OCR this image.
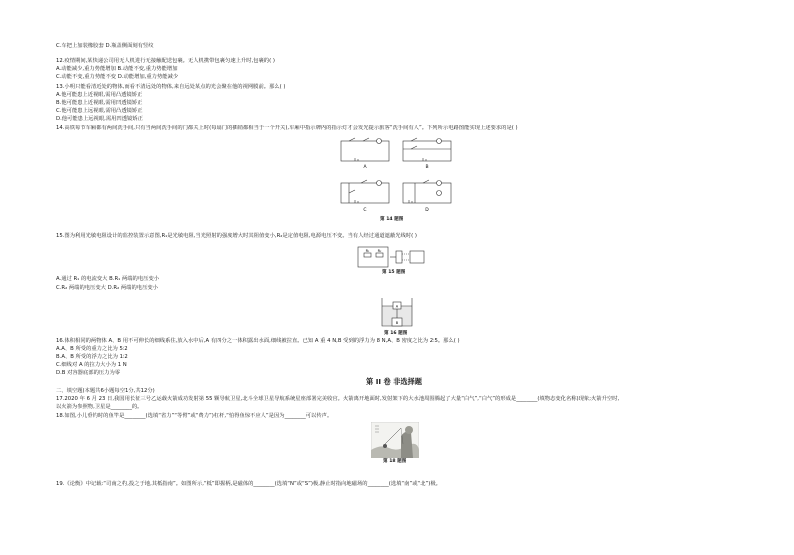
C.车把上加装橡胶套 D.瓶盖侧面刻有竖纹
12.疫情期间,某快递公司用无人机进行无接触配送包裹。无人机携带包裹匀速上升时,包裹的( )
A.动能减少,重力势能增加 B.动能不变,重力势能增加
C.动能不变,重力势能不变 D.动能增加,重力势能减少
13.小明只能看清近处的物体,而看不清远处的物体,来自远处某点的光会聚在他的视网膜前。那么( )
A.他可能患上近视眼,需用凸透镜矫正
B.他可能患上近视眼,需用凹透镜矫正
C.他可能患上远视眼,需用凸透镜矫正
D.他可能患上远视眼,需用凹透镜矫正
14.高铁每节车厢都有两间洗手间,只有当两间洗手间的门都关上时(每扇门的插销都相当于一个开关),车厢中指示牌内的指示灯才会发光提示旅客“洗手间有人”。下列所示电路图能实现上述要求的是( )
A	B
C	D
第 14 题图
15.图为利用光敏电阻设计的监控装置示意图,R₁是光敏电阻,当光照射的强度增大时其阻值变小,R₂是定值电阻,电源电压不变。当有人经过通道遮蔽光线时( )
R₁ R₂
第 15 题图
A.通过 R₁ 的电流变大 B.R₁ 两端的电压变小
C.R₂ 两端的电压变大 D.R₂ 两端的电压变小
A
B
第 16 题图
16.体积相同的两物体 A、B 用不可伸长的细线系住,放入水中后,A 有四分之一体积露出水面,细线被拉直。已知 A 重 4 N,B 受到的浮力为 8 N,A、B 密度之比为 2∶5。那么( )
A.A、B 所受的重力之比为 5∶2
B.A、B 所受的浮力之比为 1∶2
C.细线对 A 的拉力大小为 1 N
D.B 对容器底部的压力为零
第 II 卷 非选择题
二、填空题(本题共6小题每空1分,共12分)
17.2020 年 6 月 23 日,我国用长征三号乙运载火箭成功发射第 55 颗导航卫星,北斗全球卫星导航系统星座部署完美收官。火箭离开地面时,发射架下的大水池周围腾起了大量“白气”,“白气”的形成是________(填物态变化名称)现象;火箭升空时,
以火箭为参照物,卫星是________的。
18.如图,小儿垂钓时的鱼竿是________(选填“省力”“等臂”或“费力”)杠杆,“怕得鱼惊不应人”是因为________可以传声。
第 18 题图
19.《论衡》中记载:“司南之杓,投之于地,其柢指南”。如图所示,“柢”即握柄,是磁体的________(选填“N”或“S”)极,静止时指向地磁场的________(选填“南”或“北”)极。
